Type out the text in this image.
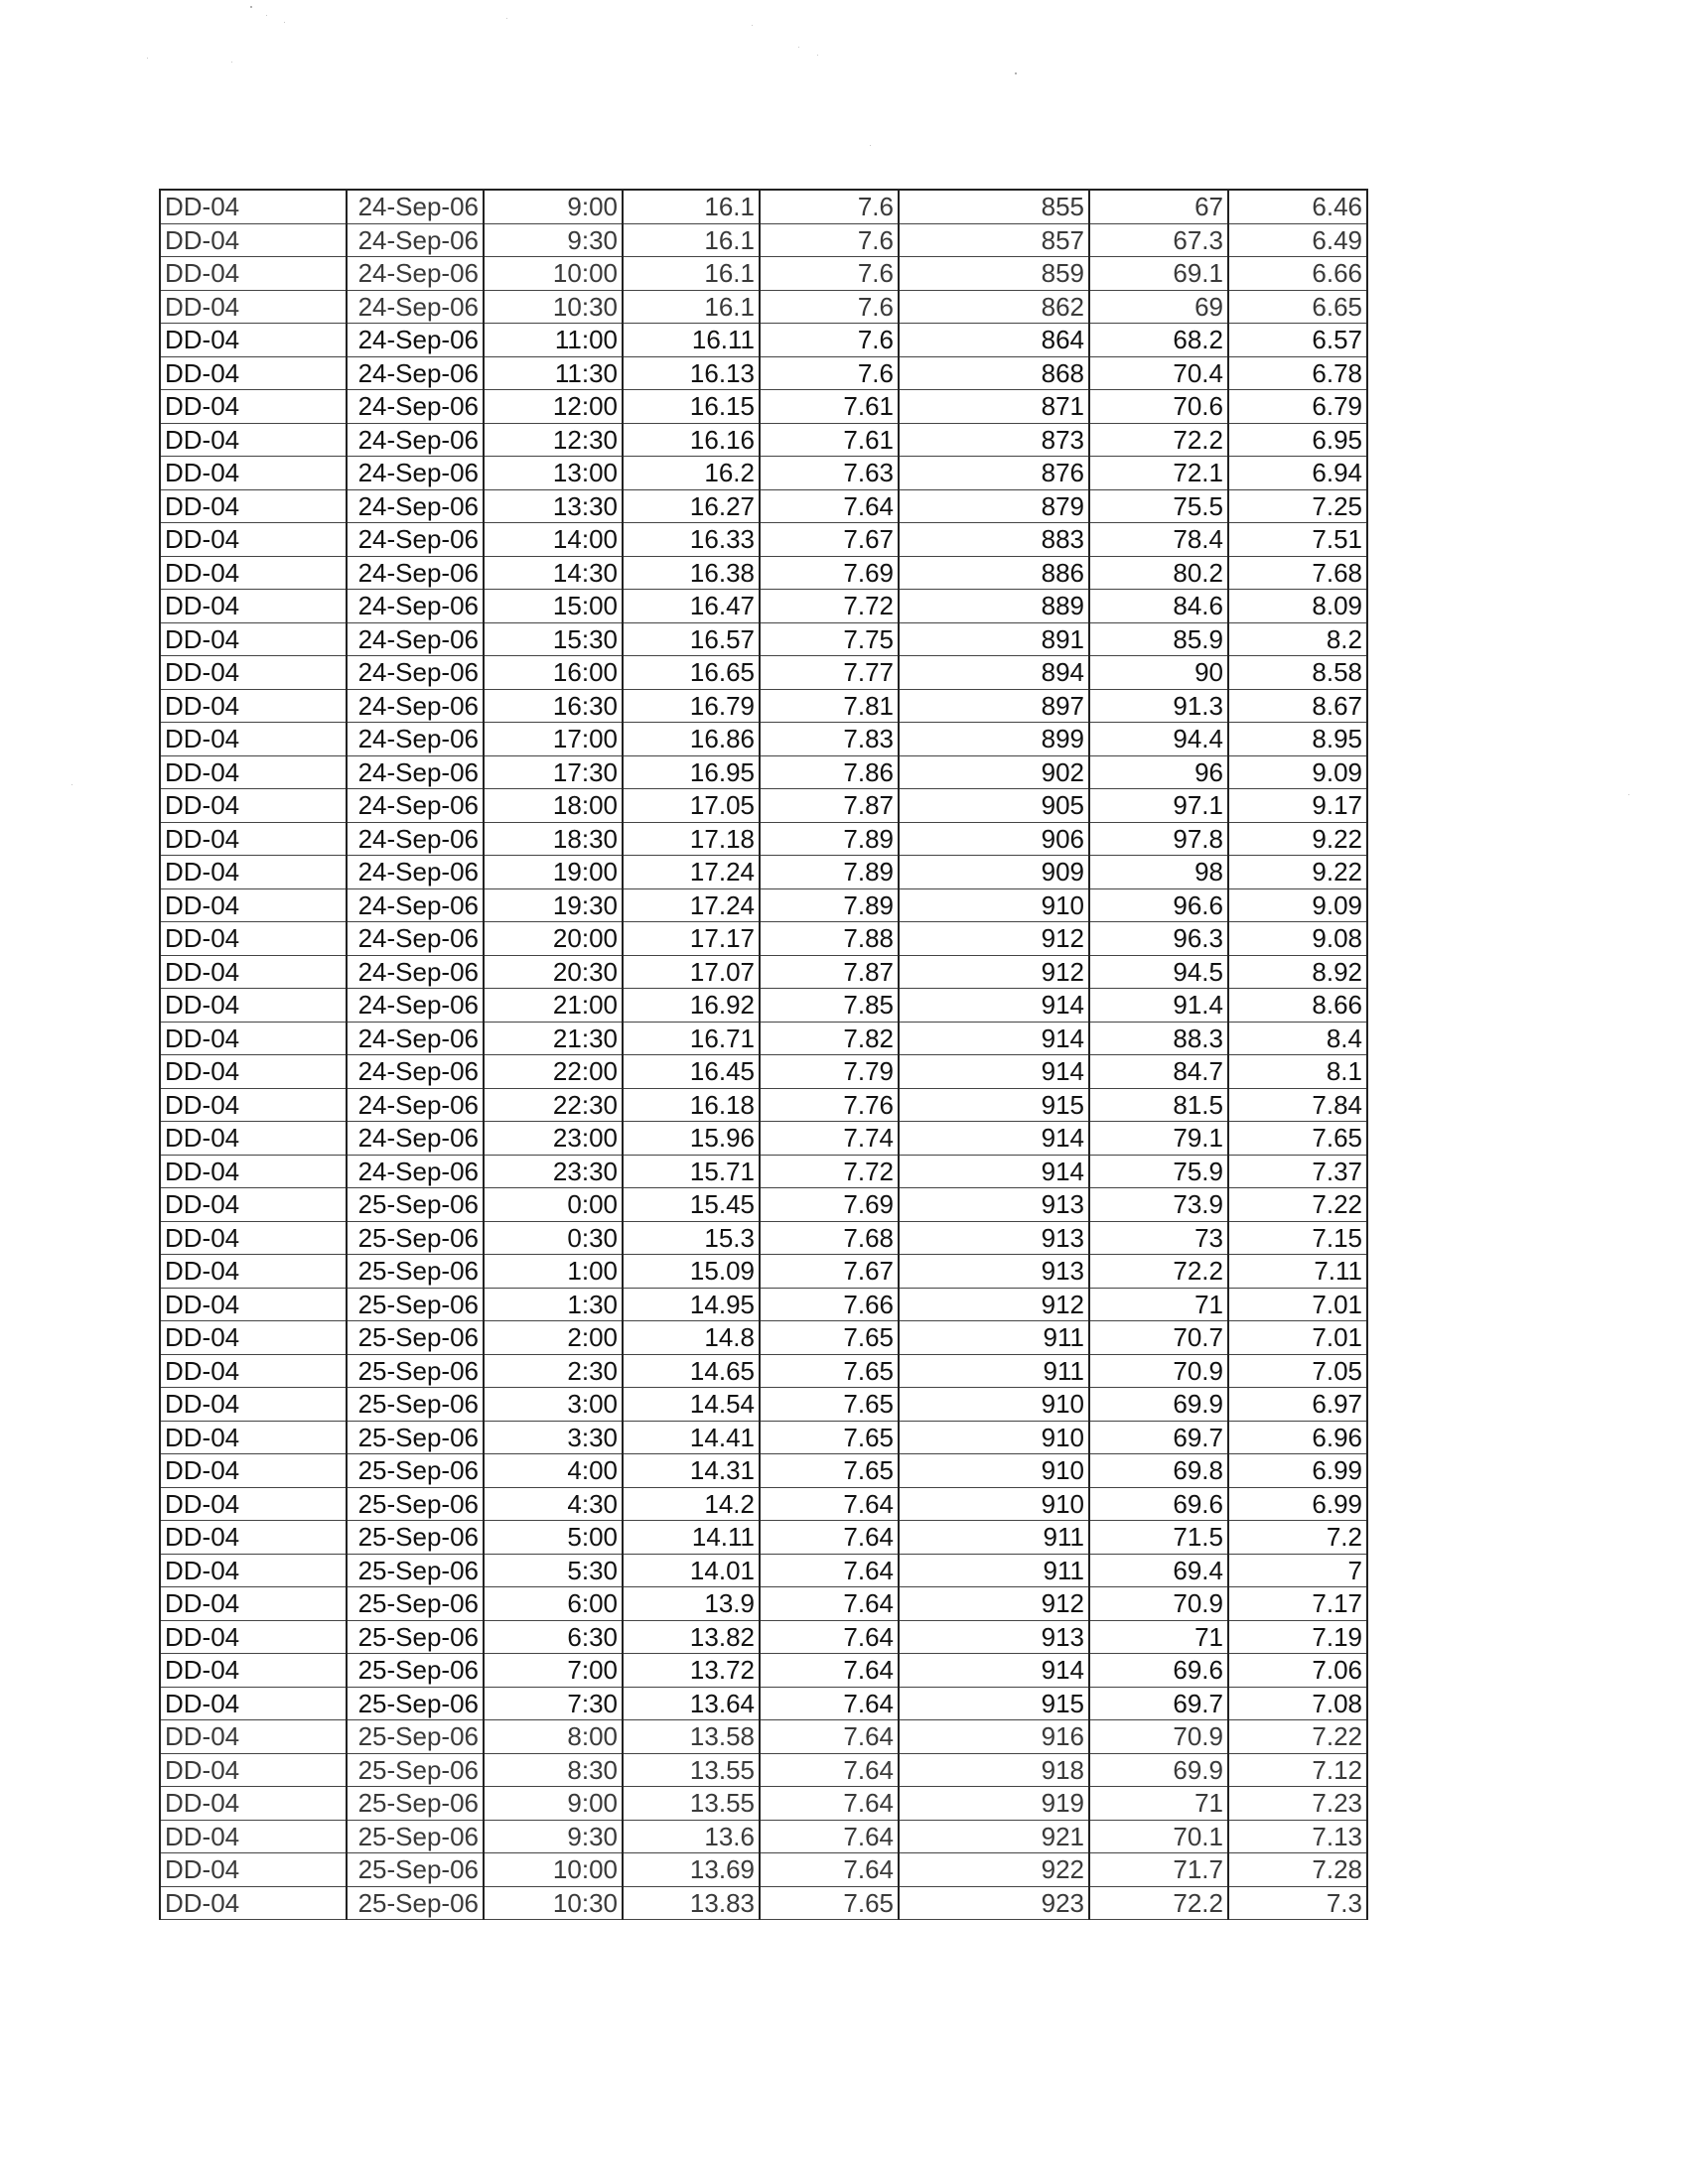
DD-04	24-Sep-06	9:00	16.1	7.6	855	67	6.46
DD-04	24-Sep-06	9:30	16.1	7.6	857	67.3	6.49
DD-04	24-Sep-06	10:00	16.1	7.6	859	69.1	6.66
DD-04	24-Sep-06	10:30	16.1	7.6	862	69	6.65
DD-04	24-Sep-06	11:00	16.11	7.6	864	68.2	6.57
DD-04	24-Sep-06	11:30	16.13	7.6	868	70.4	6.78
DD-04	24-Sep-06	12:00	16.15	7.61	871	70.6	6.79
DD-04	24-Sep-06	12:30	16.16	7.61	873	72.2	6.95
DD-04	24-Sep-06	13:00	16.2	7.63	876	72.1	6.94
DD-04	24-Sep-06	13:30	16.27	7.64	879	75.5	7.25
DD-04	24-Sep-06	14:00	16.33	7.67	883	78.4	7.51
DD-04	24-Sep-06	14:30	16.38	7.69	886	80.2	7.68
DD-04	24-Sep-06	15:00	16.47	7.72	889	84.6	8.09
DD-04	24-Sep-06	15:30	16.57	7.75	891	85.9	8.2
DD-04	24-Sep-06	16:00	16.65	7.77	894	90	8.58
DD-04	24-Sep-06	16:30	16.79	7.81	897	91.3	8.67
DD-04	24-Sep-06	17:00	16.86	7.83	899	94.4	8.95
DD-04	24-Sep-06	17:30	16.95	7.86	902	96	9.09
DD-04	24-Sep-06	18:00	17.05	7.87	905	97.1	9.17
DD-04	24-Sep-06	18:30	17.18	7.89	906	97.8	9.22
DD-04	24-Sep-06	19:00	17.24	7.89	909	98	9.22
DD-04	24-Sep-06	19:30	17.24	7.89	910	96.6	9.09
DD-04	24-Sep-06	20:00	17.17	7.88	912	96.3	9.08
DD-04	24-Sep-06	20:30	17.07	7.87	912	94.5	8.92
DD-04	24-Sep-06	21:00	16.92	7.85	914	91.4	8.66
DD-04	24-Sep-06	21:30	16.71	7.82	914	88.3	8.4
DD-04	24-Sep-06	22:00	16.45	7.79	914	84.7	8.1
DD-04	24-Sep-06	22:30	16.18	7.76	915	81.5	7.84
DD-04	24-Sep-06	23:00	15.96	7.74	914	79.1	7.65
DD-04	24-Sep-06	23:30	15.71	7.72	914	75.9	7.37
DD-04	25-Sep-06	0:00	15.45	7.69	913	73.9	7.22
DD-04	25-Sep-06	0:30	15.3	7.68	913	73	7.15
DD-04	25-Sep-06	1:00	15.09	7.67	913	72.2	7.11
DD-04	25-Sep-06	1:30	14.95	7.66	912	71	7.01
DD-04	25-Sep-06	2:00	14.8	7.65	911	70.7	7.01
DD-04	25-Sep-06	2:30	14.65	7.65	911	70.9	7.05
DD-04	25-Sep-06	3:00	14.54	7.65	910	69.9	6.97
DD-04	25-Sep-06	3:30	14.41	7.65	910	69.7	6.96
DD-04	25-Sep-06	4:00	14.31	7.65	910	69.8	6.99
DD-04	25-Sep-06	4:30	14.2	7.64	910	69.6	6.99
DD-04	25-Sep-06	5:00	14.11	7.64	911	71.5	7.2
DD-04	25-Sep-06	5:30	14.01	7.64	911	69.4	7
DD-04	25-Sep-06	6:00	13.9	7.64	912	70.9	7.17
DD-04	25-Sep-06	6:30	13.82	7.64	913	71	7.19
DD-04	25-Sep-06	7:00	13.72	7.64	914	69.6	7.06
DD-04	25-Sep-06	7:30	13.64	7.64	915	69.7	7.08
DD-04	25-Sep-06	8:00	13.58	7.64	916	70.9	7.22
DD-04	25-Sep-06	8:30	13.55	7.64	918	69.9	7.12
DD-04	25-Sep-06	9:00	13.55	7.64	919	71	7.23
DD-04	25-Sep-06	9:30	13.6	7.64	921	70.1	7.13
DD-04	25-Sep-06	10:00	13.69	7.64	922	71.7	7.28
DD-04	25-Sep-06	10:30	13.83	7.65	923	72.2	7.3
